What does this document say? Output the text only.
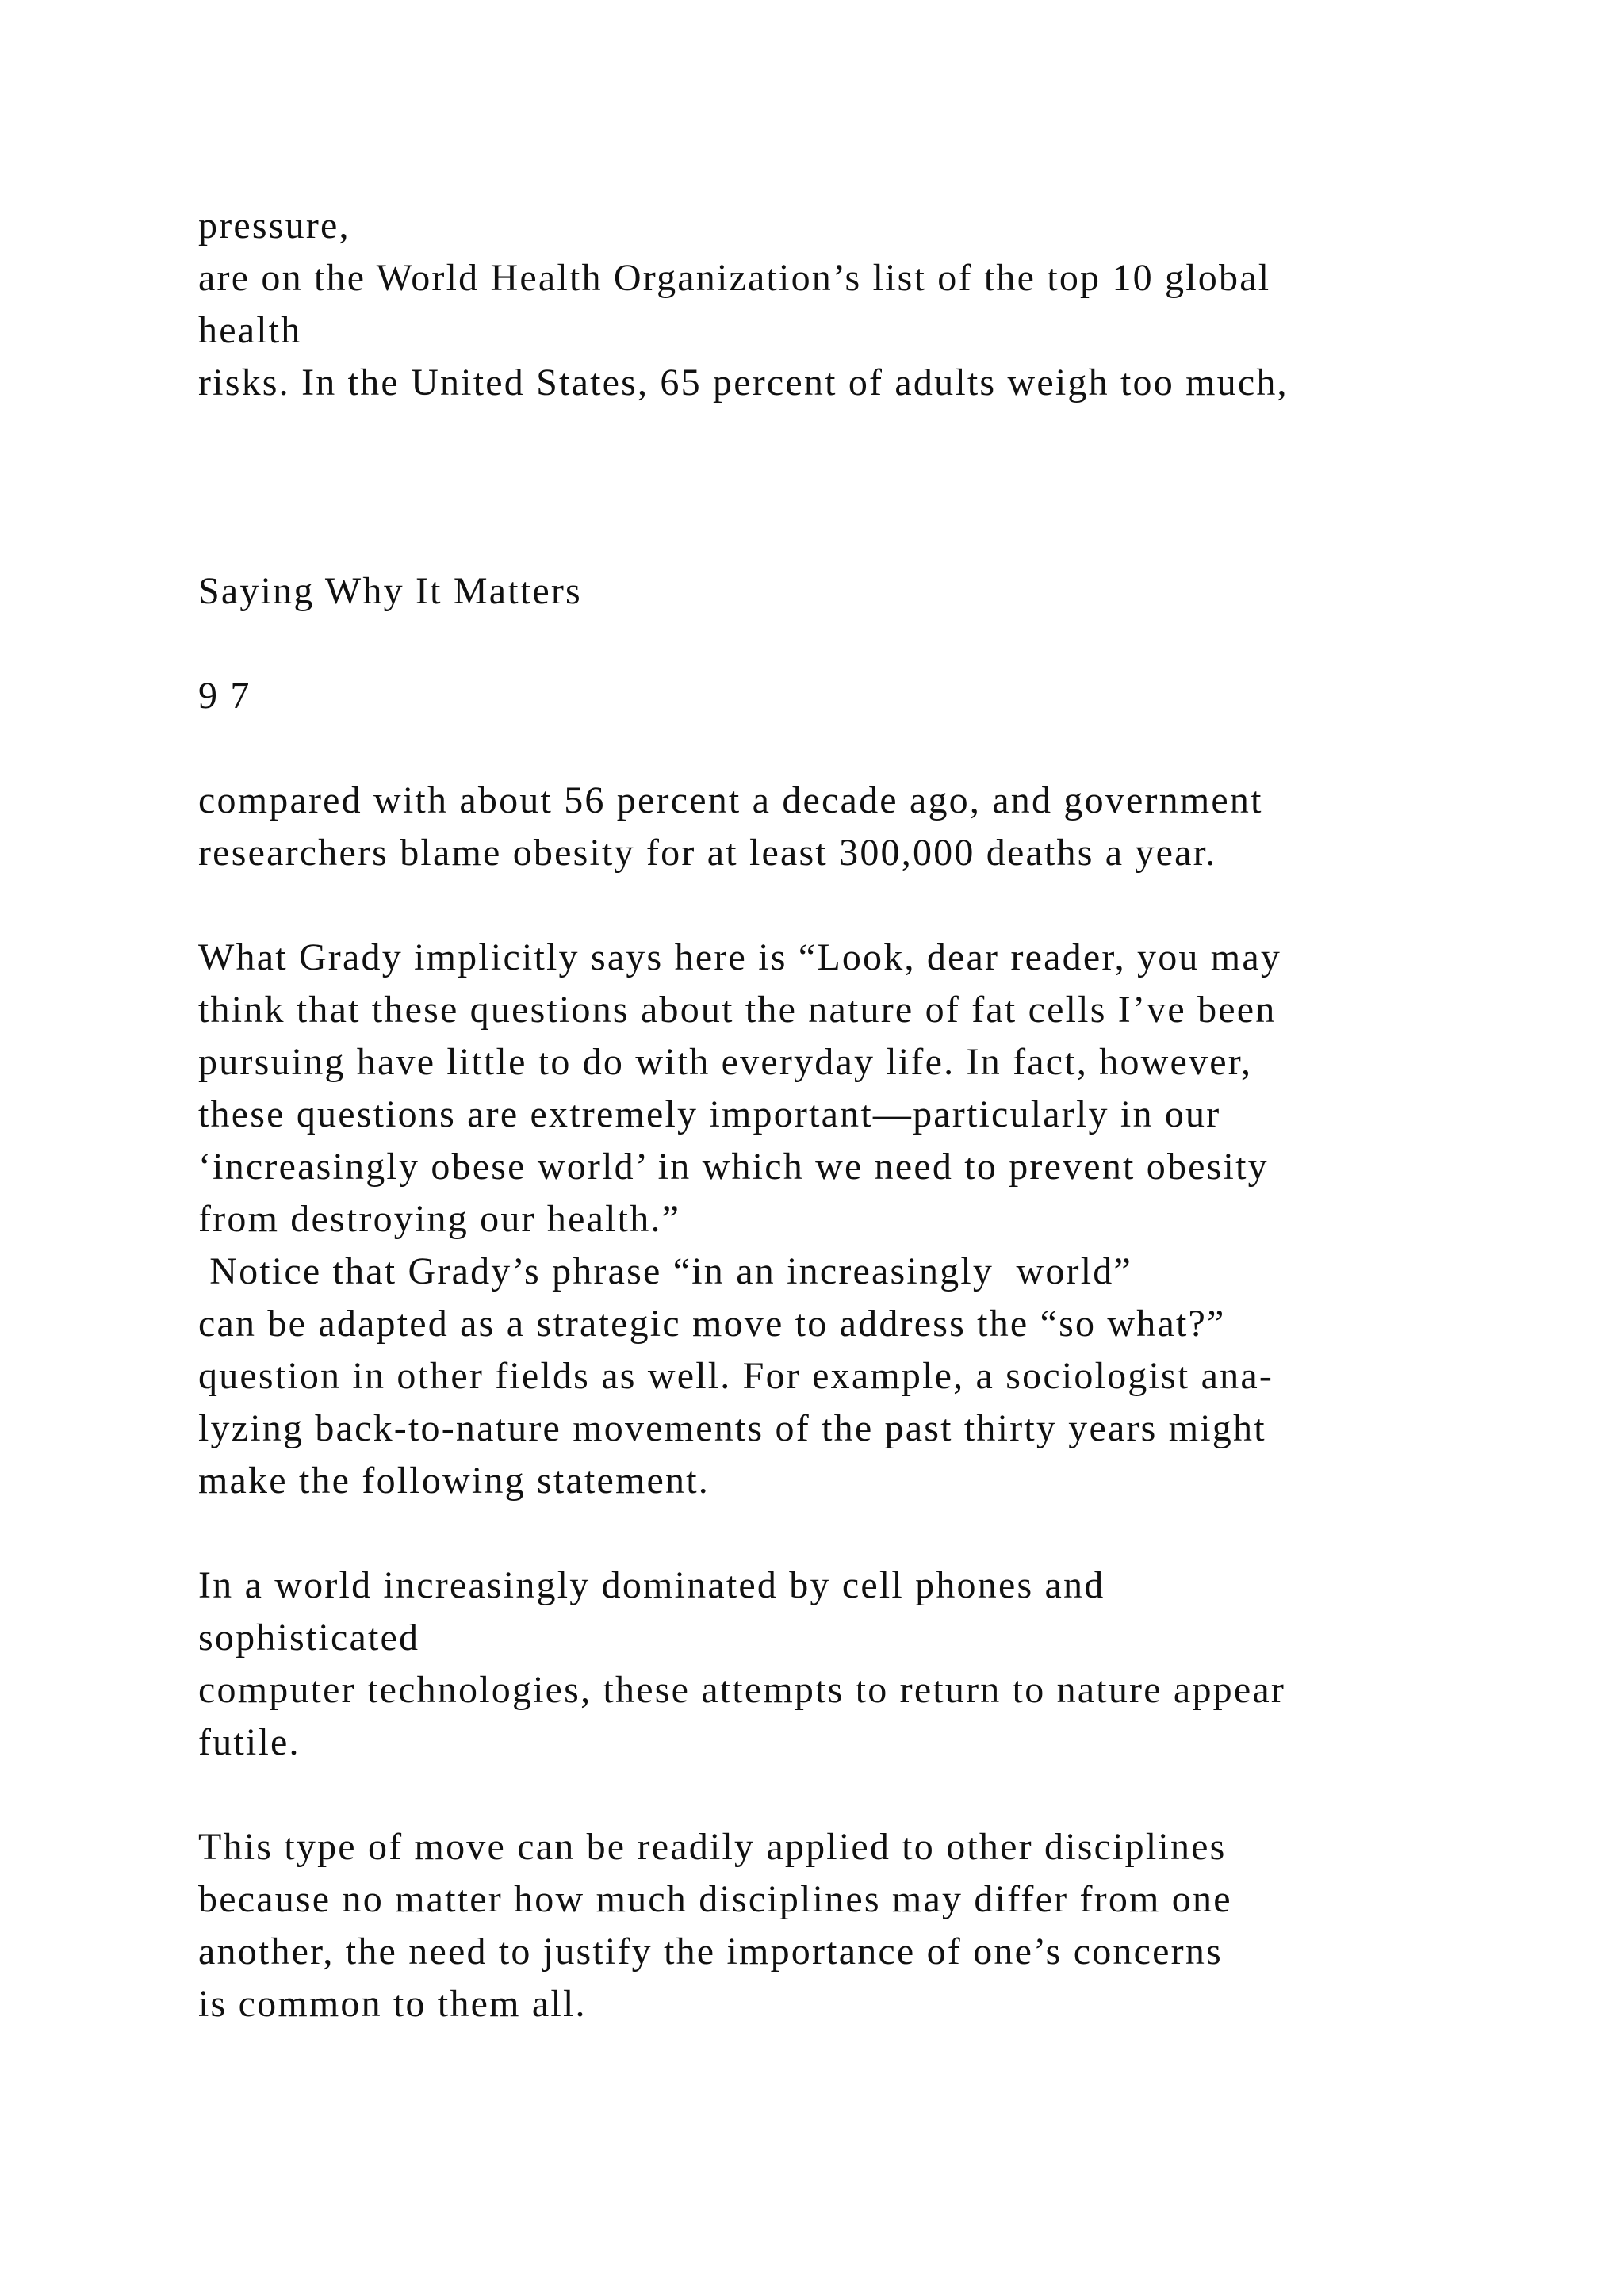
pressure,

are on the World Health Organization’s list of the top 10 global

health

risks. In the United States, 65 percent of adults weigh too much,

Saying Why It Matters

9 7

compared with about 56 percent a decade ago, and government

researchers blame obesity for at least 300,000 deaths a year.

What Grady implicitly says here is “Look, dear reader, you may

think that these questions about the nature of fat cells I’ve been

pursuing have little to do with everyday life. In fact, however,

these questions are extremely important—particularly in our

‘increasingly obese world’ in which we need to prevent obesity

from destroying our health.”

Notice that Grady’s phrase “in an increasingly  world”

can be adapted as a strategic move to address the “so what?”

question in other fields as well. For example, a sociologist ana-

lyzing back-to-nature movements of the past thirty years might

make the following statement.

In a world increasingly dominated by cell phones and

sophisticated

computer technologies, these attempts to return to nature appear

futile.

This type of move can be readily applied to other disciplines

because no matter how much disciplines may differ from one

another, the need to justify the importance of one’s concerns

is common to them all.
